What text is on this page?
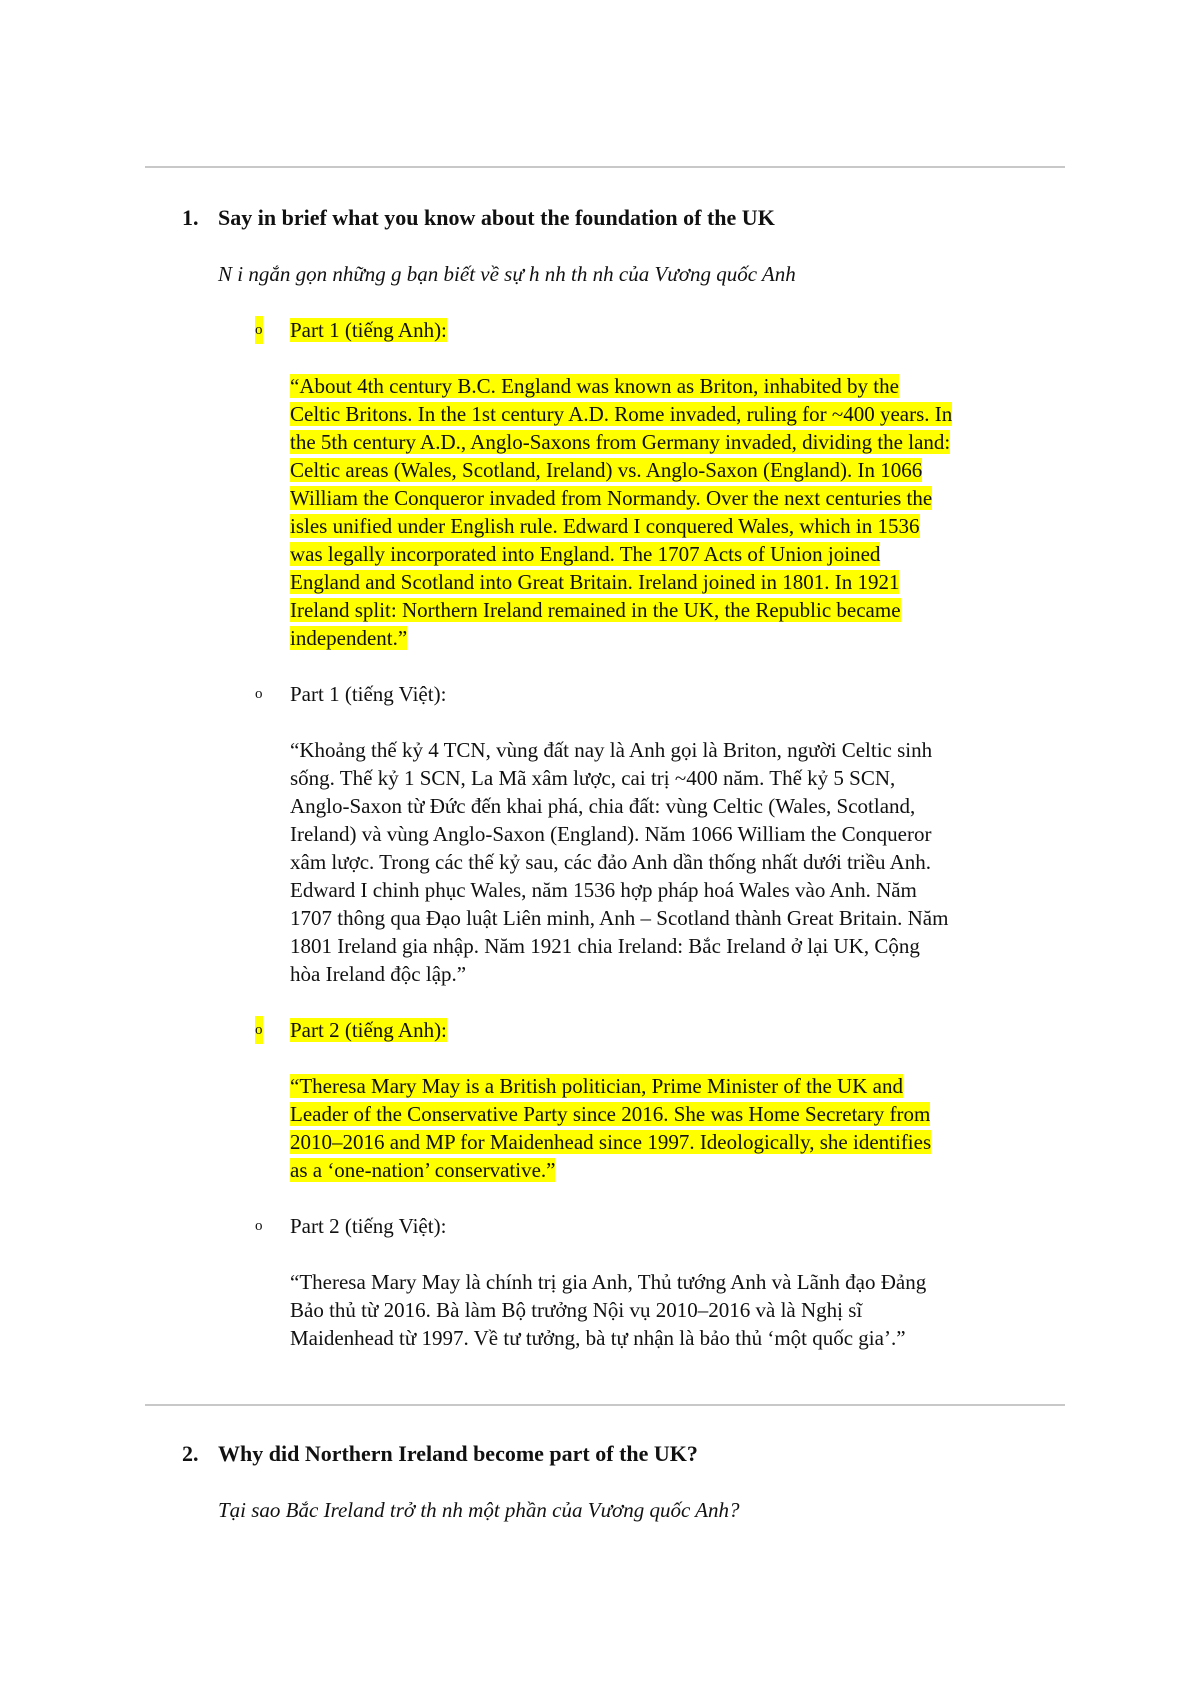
1. Say in brief what you know about the foundation of the UK
N i ngắn gọn những g bạn biết về sự h nh th nh của Vương quốc Anh
o Part 1 (tiếng Anh):
“About 4th century B.C. England was known as Briton, inhabited by the
Celtic Britons. In the 1st century A.D. Rome invaded, ruling for ~400 years. In
the 5th century A.D., Anglo-Saxons from Germany invaded, dividing the land:
Celtic areas (Wales, Scotland, Ireland) vs. Anglo-Saxon (England). In 1066
William the Conqueror invaded from Normandy. Over the next centuries the
isles unified under English rule. Edward I conquered Wales, which in 1536
was legally incorporated into England. The 1707 Acts of Union joined
England and Scotland into Great Britain. Ireland joined in 1801. In 1921
Ireland split: Northern Ireland remained in the UK, the Republic became
independent.”
o Part 1 (tiếng Việt):
“Khoảng thế kỷ 4 TCN, vùng đất nay là Anh gọi là Briton, người Celtic sinh
sống. Thế kỷ 1 SCN, La Mã xâm lược, cai trị ~400 năm. Thế kỷ 5 SCN,
Anglo-Saxon từ Đức đến khai phá, chia đất: vùng Celtic (Wales, Scotland,
Ireland) và vùng Anglo-Saxon (England). Năm 1066 William the Conqueror
xâm lược. Trong các thế kỷ sau, các đảo Anh dần thống nhất dưới triều Anh.
Edward I chinh phục Wales, năm 1536 hợp pháp hoá Wales vào Anh. Năm
1707 thông qua Đạo luật Liên minh, Anh – Scotland thành Great Britain. Năm
1801 Ireland gia nhập. Năm 1921 chia Ireland: Bắc Ireland ở lại UK, Cộng
hòa Ireland độc lập.”
o Part 2 (tiếng Anh):
“Theresa Mary May is a British politician, Prime Minister of the UK and
Leader of the Conservative Party since 2016. She was Home Secretary from
2010–2016 and MP for Maidenhead since 1997. Ideologically, she identifies
as a ‘one-nation’ conservative.”
o Part 2 (tiếng Việt):
“Theresa Mary May là chính trị gia Anh, Thủ tướng Anh và Lãnh đạo Đảng
Bảo thủ từ 2016. Bà làm Bộ trưởng Nội vụ 2010–2016 và là Nghị sĩ
Maidenhead từ 1997. Về tư tưởng, bà tự nhận là bảo thủ ‘một quốc gia’.”
2. Why did Northern Ireland become part of the UK?
Tại sao Bắc Ireland trở th nh một phần của Vương quốc Anh?
